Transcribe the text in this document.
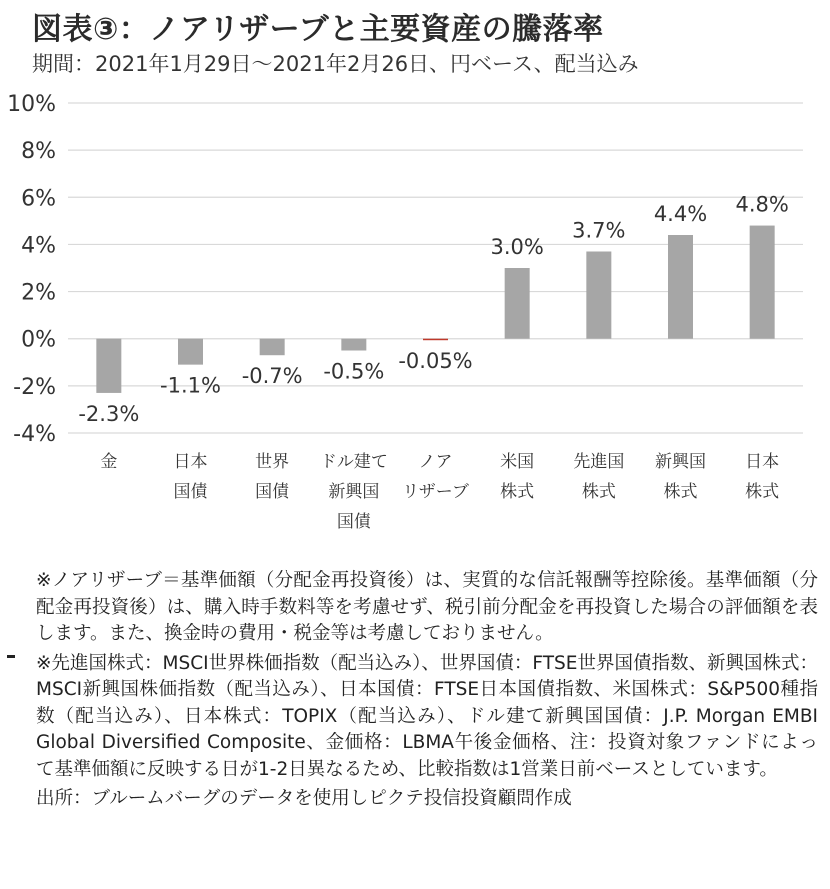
図表③：ノアリザーブと主要資産の騰落率
期間：2021年1月29日～2021年2月26日、円ベース、配当込み
-4%
-2%
0%
2%
4%
6%
8%
10%
-2.3%
金
-1.1%
日本
国債
-0.7%
世界
国債
-0.5%
ドル建て
新興国
国債
-0.05%
ノア
リザーブ
3.0%
米国
株式
3.7%
先進国
株式
4.4%
新興国
株式
4.8%
日本
株式

※ノアリザーブ＝基準価額（分配金再投資後）は、実質的な信託報酬等控除後。基準価額（分配金再投資後）は、購入時手数料等を考慮せず、税引前分配金を再投資した場合の評価額を表します。また、換金時の費用・税金等は考慮しておりません。

※先進国株式：MSCI世界株価指数（配当込み）、世界国債：FTSE世界国債指数、新興国株式：MSCI新興国株価指数（配当込み）、日本国債：FTSE日本国債指数、米国株式：S&P500種指数（配当込み）、日本株式：TOPIX（配当込み）、ドル建て新興国国債：J.P. Morgan EMBI Global Diversified Composite、金価格：LBMA午後金価格、注：投資対象ファンドによって基準価額に反映する日が1-2日異なるため、比較指数は1営業日前ベースとしています。

出所：ブルームバーグのデータを使用しピクテ投信投資顧問作成
